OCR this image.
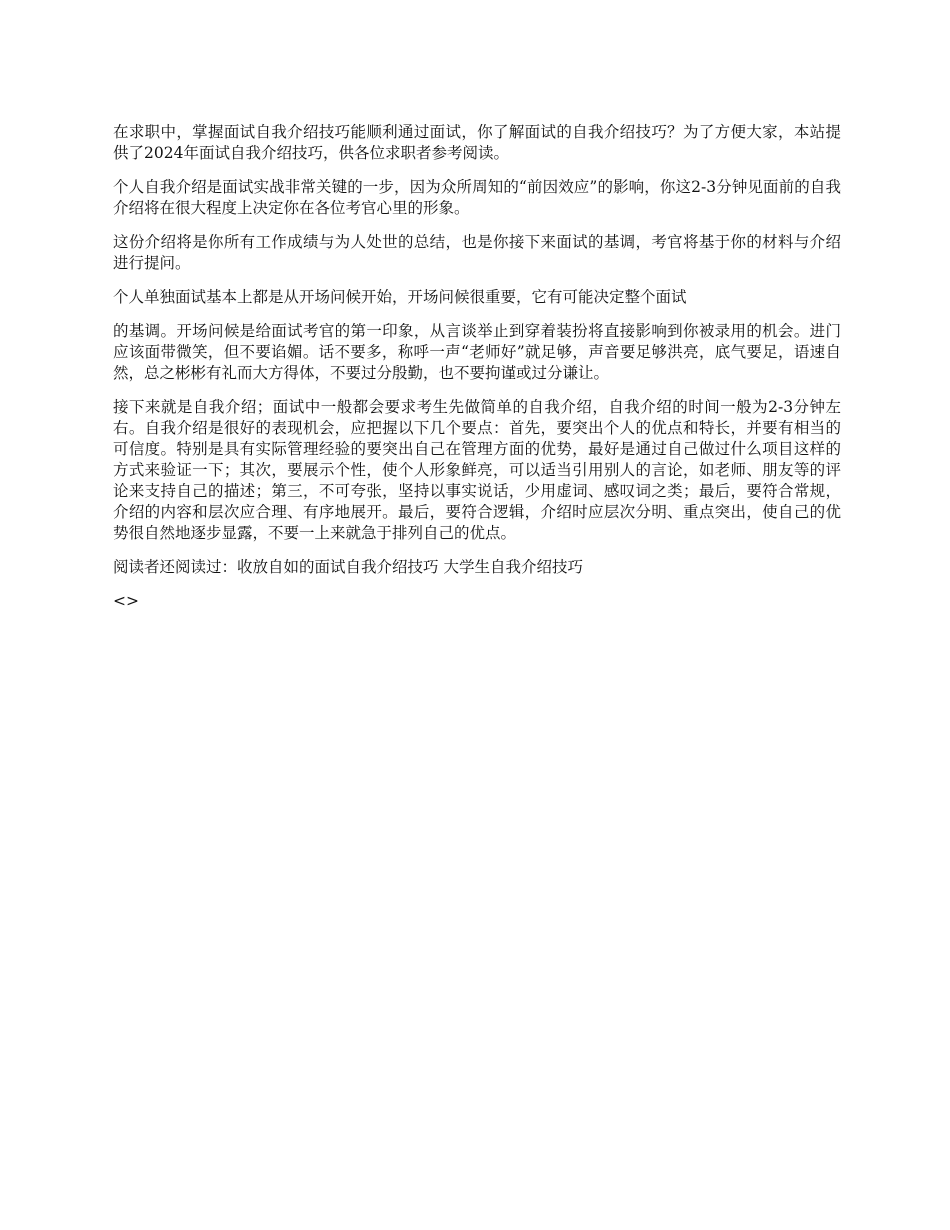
在求职中，掌握面试自我介绍技巧能顺利通过面试，你了解面试的自我介绍技巧？为了方便大家，本站提供了2024年面试自我介绍技巧，供各位求职者参考阅读。

个人自我介绍是面试实战非常关键的一步，因为众所周知的“前因效应”的影响，你这2-3分钟见面前的自我介绍将在很大程度上决定你在各位考官心里的形象。

这份介绍将是你所有工作成绩与为人处世的总结，也是你接下来面试的基调，考官将基于你的材料与介绍进行提问。

个人单独面试基本上都是从开场问候开始，开场问候很重要，它有可能决定整个面试

的基调。开场问候是给面试考官的第一印象，从言谈举止到穿着装扮将直接影响到你被录用的机会。进门应该面带微笑，但不要谄媚。话不要多，称呼一声“老师好”就足够，声音要足够洪亮，底气要足，语速自然，总之彬彬有礼而大方得体，不要过分殷勤，也不要拘谨或过分谦让。

接下来就是自我介绍；面试中一般都会要求考生先做简单的自我介绍，自我介绍的时间一般为2-3分钟左右。自我介绍是很好的表现机会，应把握以下几个要点：首先，要突出个人的优点和特长，并要有相当的可信度。特别是具有实际管理经验的要突出自己在管理方面的优势，最好是通过自己做过什么项目这样的方式来验证一下；其次，要展示个性，使个人形象鲜亮，可以适当引用别人的言论，如老师、朋友等的评论来支持自己的描述；第三，不可夸张，坚持以事实说话，少用虚词、感叹词之类；最后，要符合常规，介绍的内容和层次应合理、有序地展开。最后，要符合逻辑，介绍时应层次分明、重点突出，使自己的优势很自然地逐步显露，不要一上来就急于排列自己的优点。

阅读者还阅读过：收放自如的面试自我介绍技巧 大学生自我介绍技巧

<>
